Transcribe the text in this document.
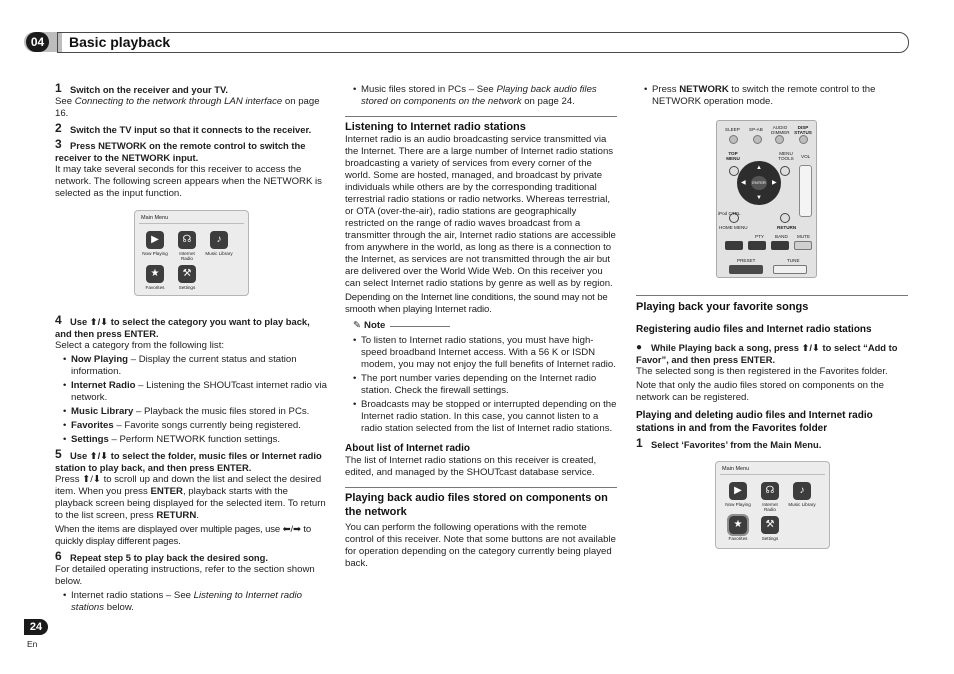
04	Basic playback
1 Switch on the receiver and your TV.
See Connecting to the network through LAN interface on page 16.
2 Switch the TV input so that it connects to the receiver.
3 Press NETWORK on the remote control to switch the receiver to the NETWORK input.
It may take several seconds for this receiver to access the network. The following screen appears when the NETWORK is selected as the input function.
4 Use ⬆/⬇ to select the category you want to play back, and then press ENTER.
Select a category from the following list:
• Now Playing – Display the current status and station information.
• Internet Radio – Listening the SHOUTcast internet radio via network.
• Music Library – Playback the music files stored in PCs.
• Favorites – Favorite songs currently being registered.
• Settings – Perform NETWORK function settings.
5 Use ⬆/⬇ to select the folder, music files or Internet radio station to play back, and then press ENTER.
Press ⬆/⬇ to scroll up and down the list and select the desired item. When you press ENTER, playback starts with the playback screen being displayed for the selected item. To return to the list screen, press RETURN.
When the items are displayed over multiple pages, use ⬅/➡ to quickly display different pages.
6 Repeat step 5 to play back the desired song.
For detailed operating instructions, refer to the section shown below.
• Internet radio stations – See Listening to Internet radio stations below.
Main Menu
▶
Now Playing
☊
Internet Radio
♪
Music Library
★
Favorites
⚒
Settings
• Music files stored in PCs – See Playing back audio files stored on components on the network on page 24.
Listening to Internet radio stations
Internet radio is an audio broadcasting service transmitted via the Internet. There are a large number of Internet radio stations broadcasting a variety of services from every corner of the world. Some are hosted, managed, and broadcast by private individuals while others are by the corresponding traditional terrestrial radio stations or radio networks. Whereas terrestrial, or OTA (over-the-air), radio stations are geographically restricted on the range of radio waves broadcast from a transmitter through the air, Internet radio stations are accessible from anywhere in the world, as long as there is a connection to the Internet, as services are not transmitted through the air but are delivered over the World Wide Web. On this receiver you can select Internet radio stations by genre as well as by region.
Depending on the Internet line conditions, the sound may not be smooth when playing Internet radio.
✎ Note
• To listen to Internet radio stations, you must have high-speed broadband Internet access. With a 56 K or ISDN modem, you may not enjoy the full benefits of Internet radio.
• The port number varies depending on the Internet radio station. Check the firewall settings.
• Broadcasts may be stopped or interrupted depending on the Internet radio station. In this case, you cannot listen to a radio station selected from the list of Internet radio stations.
About list of Internet radio
The list of Internet radio stations on this receiver is created, edited, and managed by the SHOUTcast database service.
Playing back audio files stored on components on the network
You can perform the following operations with the remote control of this receiver. Note that some buttons are not available for operation depending on the category currently being played back.
• Press NETWORK to switch the remote control to the NETWORK operation mode.
SLEEP SP-AB	AUDIO DIMMER
DISP STATUS
TOP MENU
MENU TOOLS	VOL
▲
▼
◀	▶
ENTER
iPod CTRL
HOME MENU	RETURN
PTY BAND MUTE
PRESET	TUNE
Playing back your favorite songs
Registering audio files and Internet radio stations
● While Playing back a song, press ⬆/⬇ to select “Add to Favor”, and then press ENTER.
The selected song is then registered in the Favorites folder.
Note that only the audio files stored on components on the network can be registered.
Playing and deleting audio files and Internet radio stations in and from the Favorites folder
1 Select ‘Favorites’ from the Main Menu.
Main Menu
▶
Now Playing
☊
Internet Radio
♪
Music Library
★
Favorites
⚒
Settings
24
En
